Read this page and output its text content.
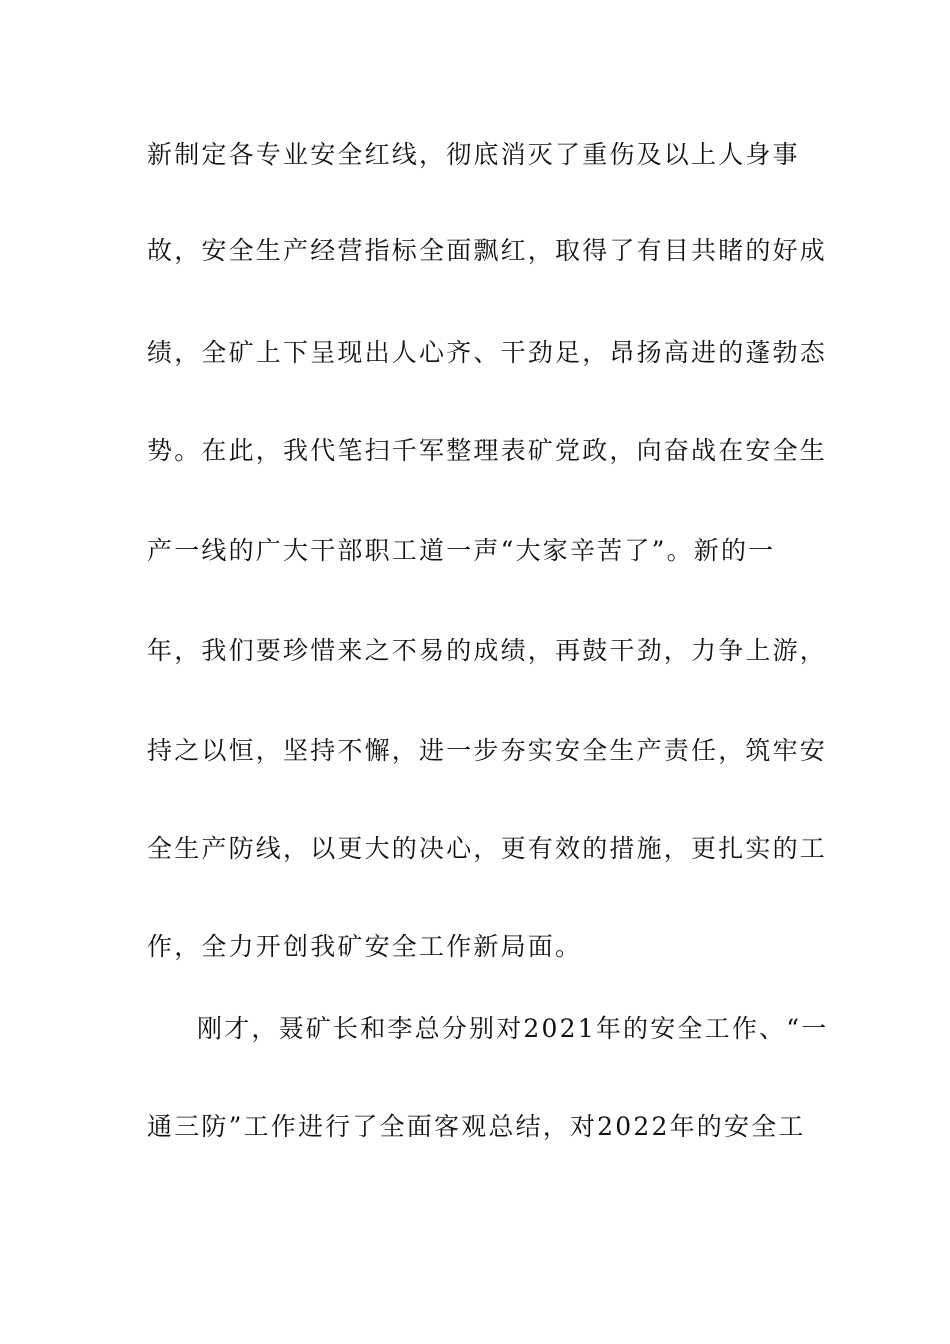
新制定各专业安全红线，彻底消灭了重伤及以上人身事
故，安全生产经营指标全面飘红，取得了有目共睹的好成
绩，全矿上下呈现出人心齐、干劲足，昂扬高进的蓬勃态
势。在此，我代笔扫千军整理表矿党政，向奋战在安全生
产一线的广大干部职工道一声“大家辛苦了”。新的一
年，我们要珍惜来之不易的成绩，再鼓干劲，力争上游，
持之以恒，坚持不懈，进一步夯实安全生产责任，筑牢安
全生产防线，以更大的决心，更有效的措施，更扎实的工
作，全力开创我矿安全工作新局面。
刚才，聂矿长和李总分别对2021年的安全工作、“一
通三防”工作进行了全面客观总结，对2022年的安全工
